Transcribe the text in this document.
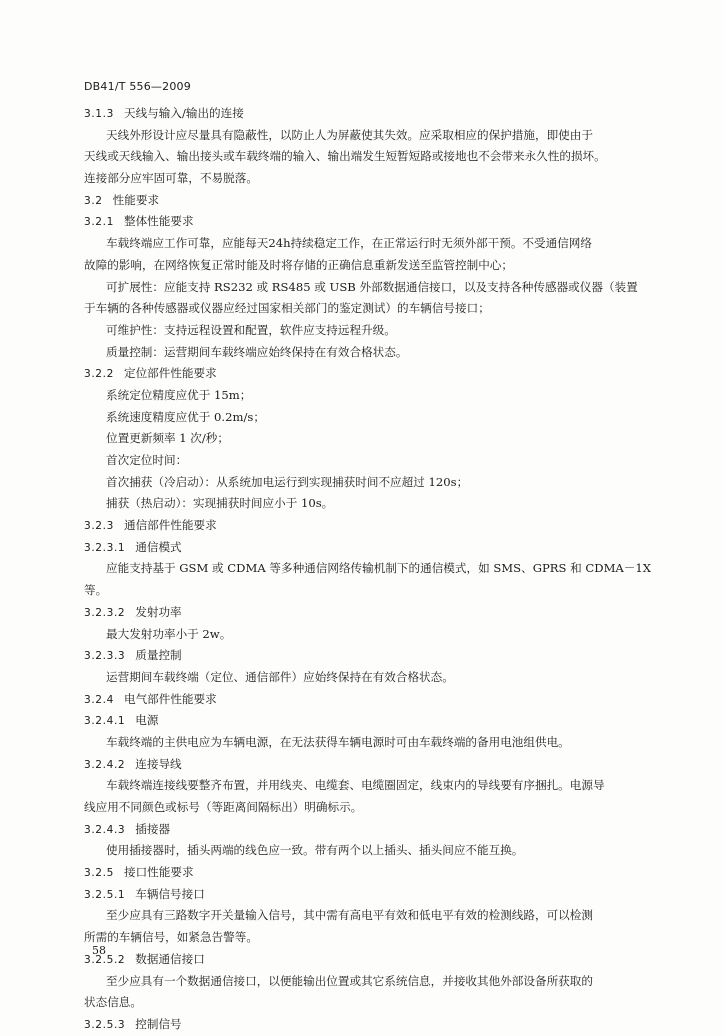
DB41/T 556—2009
3.1.3 天线与输入/输出的连接
天线外形设计应尽量具有隐蔽性，以防止人为屏蔽使其失效。应采取相应的保护措施，即使由于
天线或天线输入、输出接头或车载终端的输入、输出端发生短暂短路或接地也不会带来永久性的损坏。
连接部分应牢固可靠，不易脱落。
3.2 性能要求
3.2.1 整体性能要求
车载终端应工作可靠，应能每天24h持续稳定工作，在正常运行时无须外部干预。不受通信网络
故障的影响，在网络恢复正常时能及时将存储的正确信息重新发送至监管控制中心；
可扩展性：应能支持 RS232 或 RS485 或 USB 外部数据通信接口，以及支持各种传感器或仪器（装置
于车辆的各种传感器或仪器应经过国家相关部门的鉴定测试）的车辆信号接口；
可维护性：支持远程设置和配置，软件应支持远程升级。
质量控制：运营期间车载终端应始终保持在有效合格状态。
3.2.2 定位部件性能要求
系统定位精度应优于 15m；
系统速度精度应优于 0.2m/s；
位置更新频率 1 次/秒；
首次定位时间：
首次捕获（冷启动）：从系统加电运行到实现捕获时间不应超过 120s；
捕获（热启动）：实现捕获时间应小于 10s。
3.2.3 通信部件性能要求
3.2.3.1 通信模式
应能支持基于 GSM 或 CDMA 等多种通信网络传输机制下的通信模式，如 SMS、GPRS 和 CDMA－1X
等。
3.2.3.2 发射功率
最大发射功率小于 2w。
3.2.3.3 质量控制
运营期间车载终端（定位、通信部件）应始终保持在有效合格状态。
3.2.4 电气部件性能要求
3.2.4.1 电源
车载终端的主供电应为车辆电源，在无法获得车辆电源时可由车载终端的备用电池组供电。
3.2.4.2 连接导线
车载终端连接线要整齐布置，并用线夹、电缆套、电缆圈固定，线束内的导线要有序捆扎。电源导
线应用不同颜色或标号（等距离间隔标出）明确标示。
3.2.4.3 插接器
使用插接器时，插头两端的线色应一致。带有两个以上插头、插头间应不能互换。
3.2.5 接口性能要求
3.2.5.1 车辆信号接口
至少应具有三路数字开关量输入信号，其中需有高电平有效和低电平有效的检测线路，可以检测
所需的车辆信号，如紧急告警等。
3.2.5.2 数据通信接口
至少应具有一个数据通信接口，以便能输出位置或其它系统信息，并接收其他外部设备所获取的
状态信息。
3.2.5.3 控制信号
58
